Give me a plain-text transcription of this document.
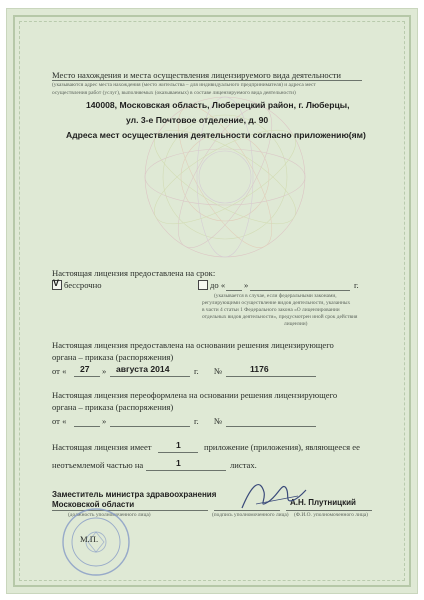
Место нахождения и места осуществления лицензируемого вида деятельности
(указываются адрес места нахождения (место жительства – для индивидуального предпринимателя) и адреса мест
осуществления работ (услуг), выполняемых (оказываемых) в составе лицензируемого вида деятельности)
140008, Московская область, Люберецкий район, г. Люберцы,
ул. 3-е Почтовое отделение, д. 90
Адреса мест осуществления деятельности согласно приложению(ям)
Настоящая лицензия предоставлена на срок:
V бессрочно	до « »	г.
(указывается в случае, если федеральными законами,
регулирующими осуществление видов деятельности, указанных
в части 4 статьи 1 Федерального закона «О лицензировании
отдельных видов деятельности», предусмотрен иной срок действия
лицензии)
Настоящая лицензия предоставлена на основании решения лицензирующего
органа – приказа (распоряжения)
от « 27 » августа 2014	г. №	1176
Настоящая лицензия переоформлена на основании решения лицензирующего
органа – приказа (распоряжения)
от «	»	г. №
Настоящая лицензия имеет	1	приложение (приложения), являющееся ее
неотъемлемой частью на	1	листах.
Заместитель министра здравоохранения
Московской области
(должность уполномоченного лица)	(подпись уполномоченного лица)
А.Н. Плутницкий
(Ф.И.О. уполномоченного лица)
М.П.
